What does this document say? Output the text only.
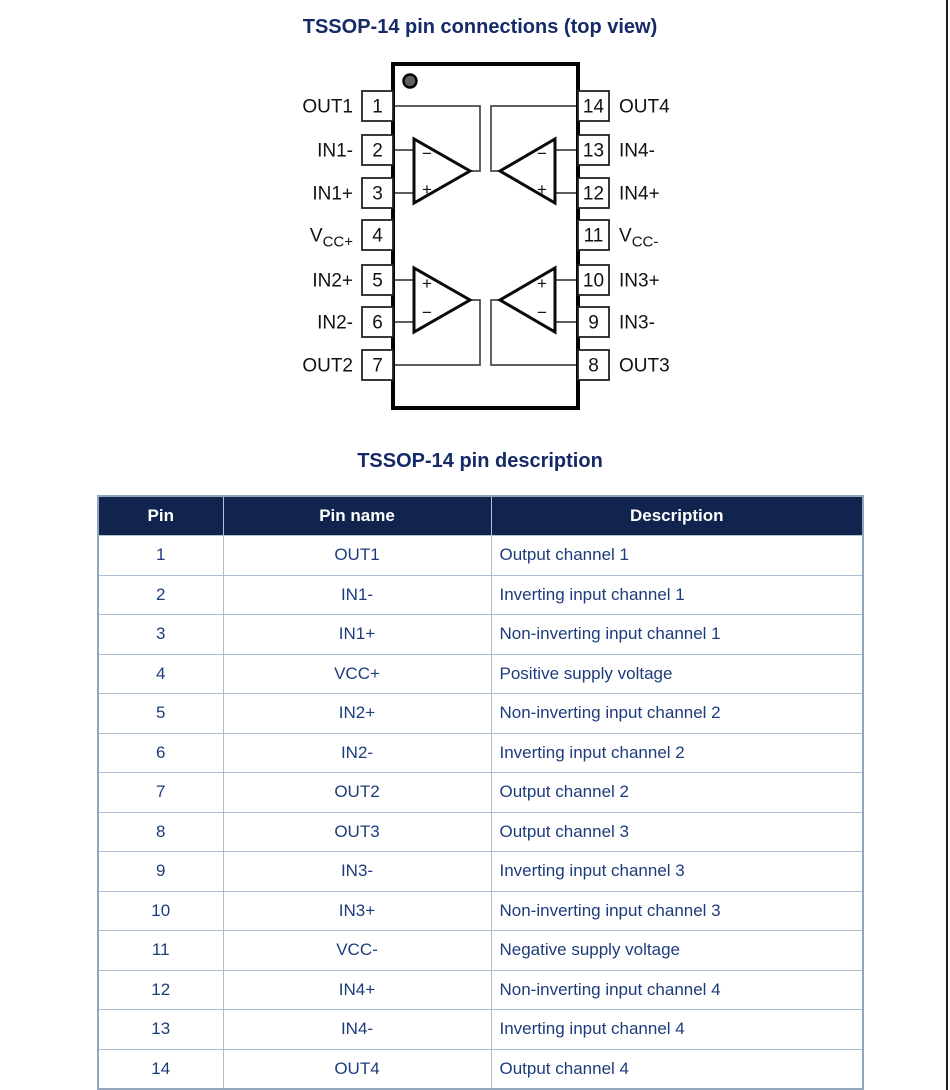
TSSOP-14 pin connections (top view)
−
+
−
+
+
−
+
−
1
OUT1
2
IN1-
3
IN1+
4
$V_{CC+}$
5
IN2+
6
IN2-
7
OUT2
14 OUT4
13 IN4-
12 IN4+
11 $V_{CC-}$
10 IN3+
9 IN3-
8 OUT3
TSSOP-14 pin description
Pin	Pin name	Description
1	OUT1	Output channel 1
2	IN1-	Inverting input channel 1
3	IN1+	Non-inverting input channel 1
4	VCC+	Positive supply voltage
5	IN2+	Non-inverting input channel 2
6	IN2-	Inverting input channel 2
7	OUT2	Output channel 2
8	OUT3	Output channel 3
9	IN3-	Inverting input channel 3
10	IN3+	Non-inverting input channel 3
11	VCC-	Negative supply voltage
12	IN4+	Non-inverting input channel 4
13	IN4-	Inverting input channel 4
14	OUT4	Output channel 4
